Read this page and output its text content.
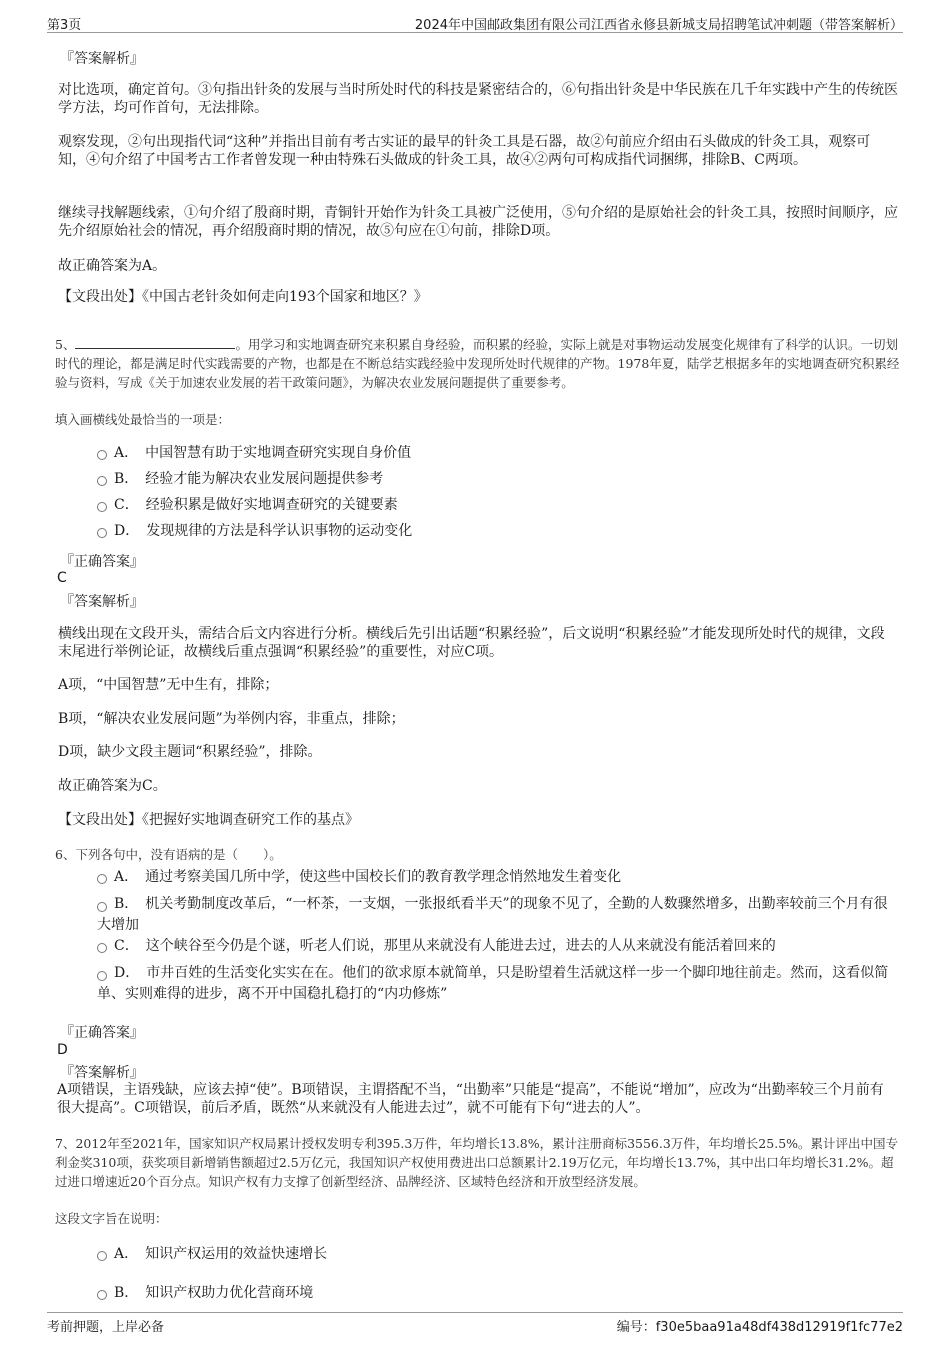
第3页	2024年中国邮政集团有限公司江西省永修县新城支局招聘笔试冲刺题（带答案解析）
『答案解析』
对比选项，确定首句。③句指出针灸的发展与当时所处时代的科技是紧密结合的，⑥句指出针灸是中华民族在几千年实践中产生的传统医学方法，均可作首句，无法排除。
观察发现，②句出现指代词“这种”并指出目前有考古实证的最早的针灸工具是石器，故②句前应介绍由石头做成的针灸工具，观察可知，④句介绍了中国考古工作者曾发现一种由特殊石头做成的针灸工具，故④②两句可构成指代词捆绑，排除B、C两项。
继续寻找解题线索，①句介绍了殷商时期，青铜针开始作为针灸工具被广泛使用，⑤句介绍的是原始社会的针灸工具，按照时间顺序，应先介绍原始社会的情况，再介绍殷商时期的情况，故⑤句应在①句前，排除D项。
故正确答案为A。
【文段出处】《中国古老针灸如何走向193个国家和地区？》
5、	。用学习和实地调查研究来积累自身经验，而积累的经验，实际上就是对事物运动发展变化规律有了科学的认识。一切划时代的理论，都是满足时代实践需要的产物，也都是在不断总结实践经验中发现所处时代规律的产物。1978年夏，陆学艺根据多年的实地调查研究积累经验与资料，写成《关于加速农业发展的若干政策问题》，为解决农业发展问题提供了重要参考。
填入画横线处最恰当的一项是：
A．　 中国智慧有助于实地调查研究实现自身价值
B．　 经验才能为解决农业发展问题提供参考
C．　 经验积累是做好实地调查研究的关键要素
D．　 发现规律的方法是科学认识事物的运动变化
『正确答案』
C
『答案解析』
横线出现在文段开头，需结合后文内容进行分析。横线后先引出话题“积累经验”，后文说明“积累经验”才能发现所处时代的规律，文段末尾进行举例论证，故横线后重点强调“积累经验”的重要性，对应C项。
A项，“中国智慧”无中生有，排除；
B项，“解决农业发展问题”为举例内容，非重点，排除；
D项，缺少文段主题词“积累经验”，排除。
故正确答案为C。
【文段出处】《把握好实地调查研究工作的基点》
6、下列各句中，没有语病的是（　　）。
A．　 通过考察美国几所中学，使这些中国校长们的教育教学理念悄然地发生着变化
B．　 机关考勤制度改革后，“一杯茶，一支烟，一张报纸看半天”的现象不见了，全勤的人数骤然增多，出勤率较前三个月有很大增加
C．　 这个峡谷至今仍是个谜，听老人们说，那里从来就没有人能进去过，进去的人从来就没有能活着回来的
D．　 市井百姓的生活变化实实在在。他们的欲求原本就简单，只是盼望着生活就这样一步一个脚印地往前走。然而，这看似简单、实则难得的进步，离不开中国稳扎稳打的“内功修炼”
『正确答案』
D
『答案解析』
A项错误，主语残缺，应该去掉“使”。B项错误，主谓搭配不当，“出勤率”只能是“提高”，不能说“增加”，应改为“出勤率较三个月前有很大提高”。C项错误，前后矛盾，既然“从来就没有人能进去过”，就不可能有下句“进去的人”。
7、2012年至2021年，国家知识产权局累计授权发明专利395.3万件，年均增长13.8%，累计注册商标3556.3万件，年均增长25.5%。累计评出中国专利金奖310项，获奖项目新增销售额超过2.5万亿元，我国知识产权使用费进出口总额累计2.19万亿元，年均增长13.7%，其中出口年均增长31.2%。超过进口增速近20个百分点。知识产权有力支撑了创新型经济、品牌经济、区域特色经济和开放型经济发展。
这段文字旨在说明：
A．　 知识产权运用的效益快速增长
B．　 知识产权助力优化营商环境
考前押题，上岸必备	编号：f30e5baa91a48df438d12919f1fc77e2
